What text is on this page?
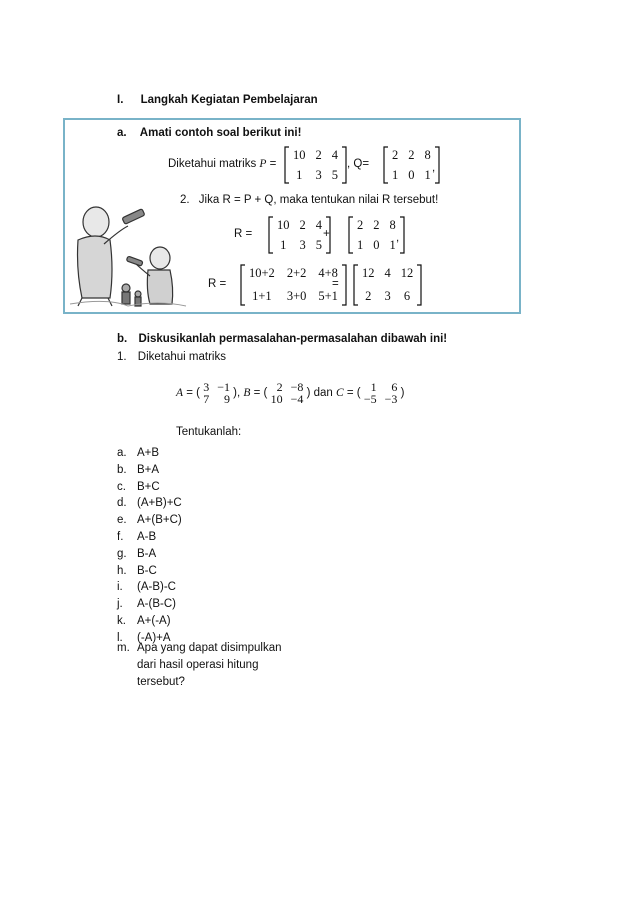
I. Langkah Kegiatan Pembelajaran
a. Amati contoh soal berikut ini!
Diketahui matriks P =
10 2 4
1 3 5
, Q=
2 2 8
1 0 1 ,
2. Jika R = P + Q, maka tentukan nilai R tersebut!
R =
10 2 4
1 3 5
+
2 2 8
1 0 1 ,
R =
10+2 2+2 4+8
1+1 3+0 5+1
=
12 4 12
2 3 6
b. Diskusikanlah permasalahan-permasalahan dibawah ini!
1. Diketahui matriks
A = ( 3 −1
7	9 ), B = ( 2 −8
10 −4 ) dan C = ( 1	6
−5 −3 )
Tentukanlah:
a. A+B
b. B+A
c. B+C
d. (A+B)+C
e. A+(B+C)
f. A-B
g. B-A
h. B-C
i. (A-B)-C
j. A-(B-C)
k. A+(-A)
l. (-A)+A
m. Apa yang dapat disimpulkan
dari hasil operasi hitung
tersebut?
